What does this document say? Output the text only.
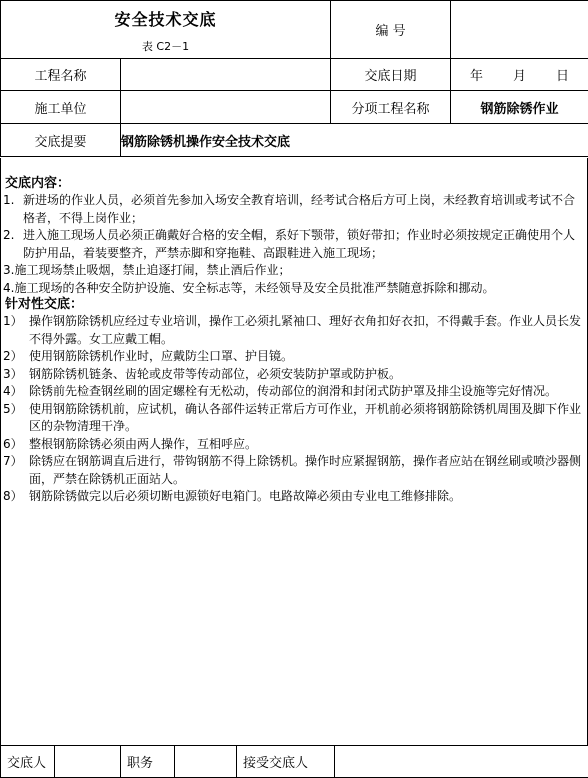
安全技术交底
表 C2－1		编 号	
工程名称		交底日期	年 月 日

施工单位		分项工程名称	钢筋除锈作业
交底提要	钢筋除锈机操作安全技术交底		
交底内容：
1. 新进场的作业人员，必须首先参加入场安全教育培训，经考试合格后方可上岗，未经教育培训或考试不合格者，不得上岗作业；
2. 进入施工现场人员必须正确戴好合格的安全帽，系好下颚带，锁好带扣；作业时必须按规定正确使用个人防护用品，着装要整齐，严禁赤脚和穿拖鞋、高跟鞋进入施工现场；
3. 施工现场禁止吸烟，禁止追逐打闹，禁止酒后作业；
4. 施工现场的各种安全防护设施、安全标志等，未经领导及安全员批准严禁随意拆除和挪动。
针对性交底：
1） 操作钢筋除锈机应经过专业培训，操作工必须扎紧袖口、理好衣角扣好衣扣，不得戴手套。作业人员长发不得外露。女工应戴工帽。
2） 使用钢筋除锈机作业时，应戴防尘口罩、护目镜。
3） 钢筋除锈机链条、齿轮或皮带等传动部位，必须安装防护罩或防护板。
4） 除锈前先检查钢丝刷的固定螺栓有无松动，传动部位的润滑和封闭式防护罩及排尘设施等完好情况。
5） 使用钢筋除锈机前，应试机，确认各部件运转正常后方可作业，开机前必须将钢筋除锈机周围及脚下作业区的杂物清理干净。
6） 整根钢筋除锈必须由两人操作，互相呼应。
7） 除锈应在钢筋调直后进行，带钩钢筋不得上除锈机。操作时应紧握钢筋，操作者应站在钢丝刷或喷沙器侧面，严禁在除锈机正面站人。
8） 钢筋除锈做完以后必须切断电源锁好电箱门。电路故障必须由专业电工维修排除。
交底人		职务		接受交底人	
